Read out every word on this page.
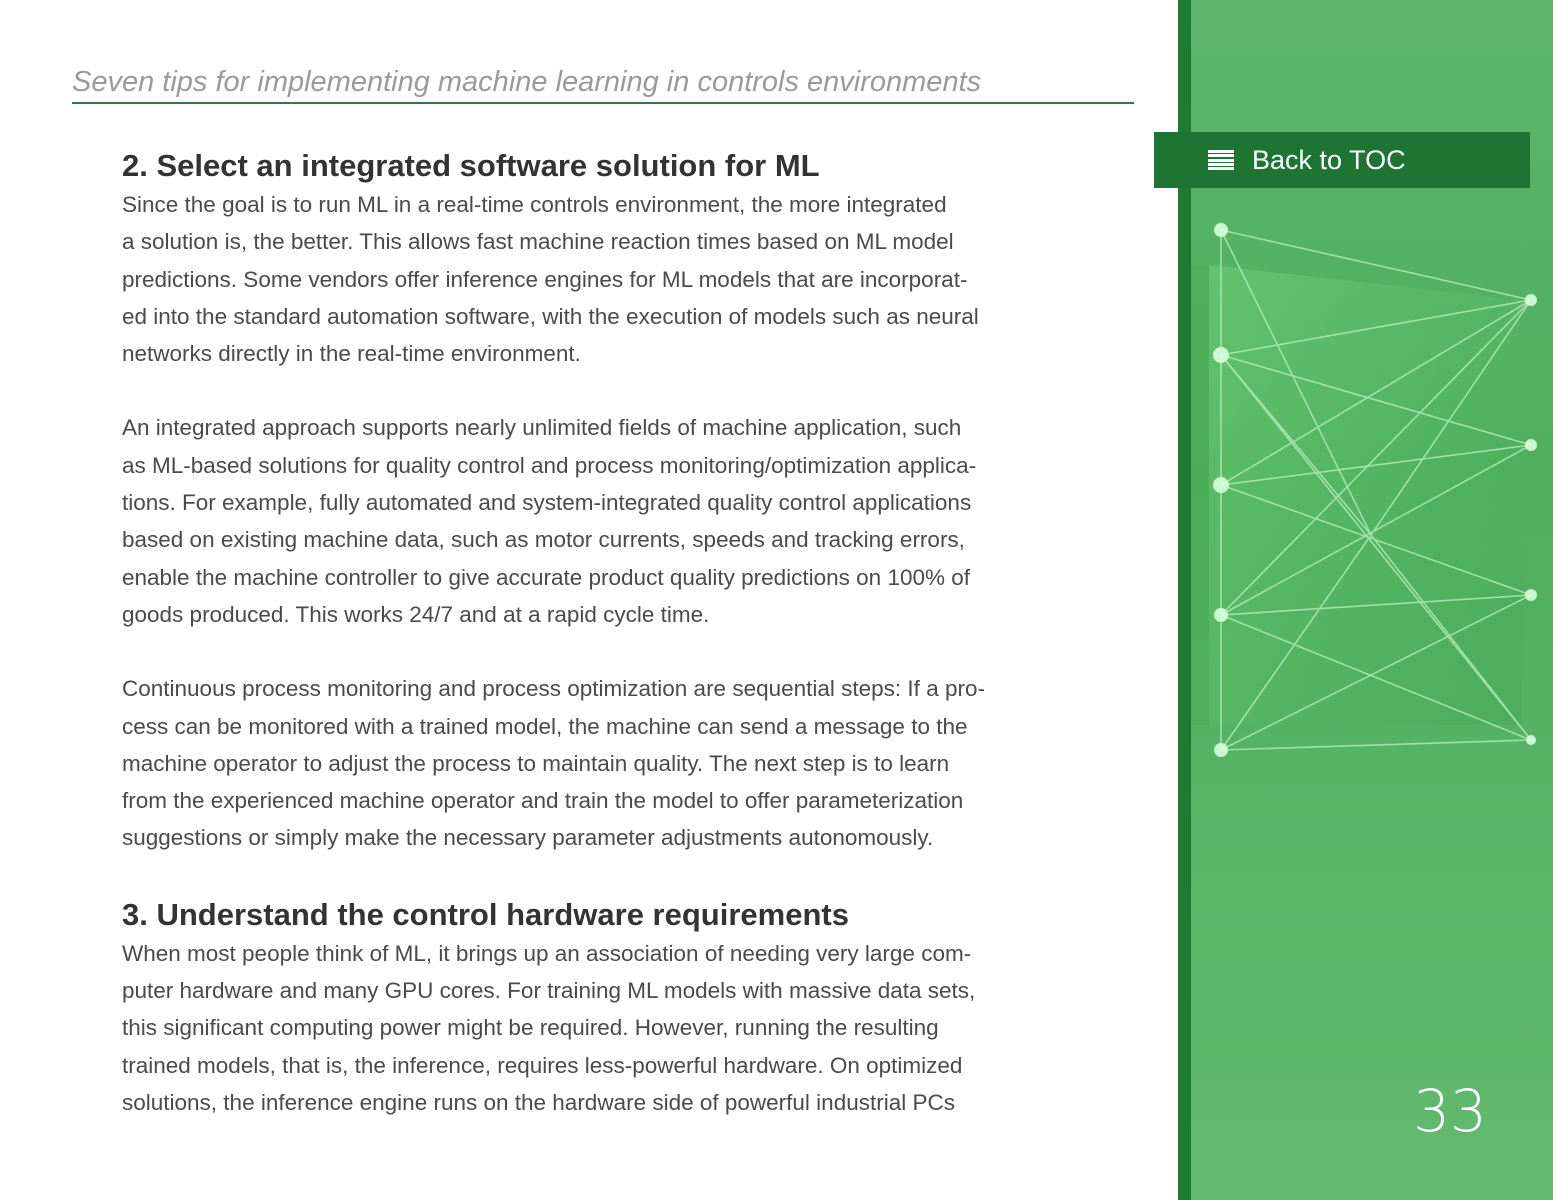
Seven tips for implementing machine learning in controls environments
2. Select an integrated software solution for ML

Since the goal is to run ML in a real-time controls environment, the more integrated
a solution is, the better. This allows fast machine reaction times based on ML model
predictions. Some vendors offer inference engines for ML models that are incorporat-
ed into the standard automation software, with the execution of models such as neural
networks directly in the real-time environment.

An integrated approach supports nearly unlimited fields of machine application, such
as ML-based solutions for quality control and process monitoring/optimization applica-
tions. For example, fully automated and system-integrated quality control applications
based on existing machine data, such as motor currents, speeds and tracking errors,
enable the machine controller to give accurate product quality predictions on 100% of
goods produced. This works 24/7 and at a rapid cycle time.

Continuous process monitoring and process optimization are sequential steps: If a pro-
cess can be monitored with a trained model, the machine can send a message to the
machine operator to adjust the process to maintain quality. The next step is to learn
from the experienced machine operator and train the model to offer parameterization
suggestions or simply make the necessary parameter adjustments autonomously.

3. Understand the control hardware requirements

When most people think of ML, it brings up an association of needing very large com-
puter hardware and many GPU cores. For training ML models with massive data sets,
this significant computing power might be required. However, running the resulting
trained models, that is, the inference, requires less-powerful hardware. On optimized
solutions, the inference engine runs on the hardware side of powerful industrial PCs

Back to TOC
33
